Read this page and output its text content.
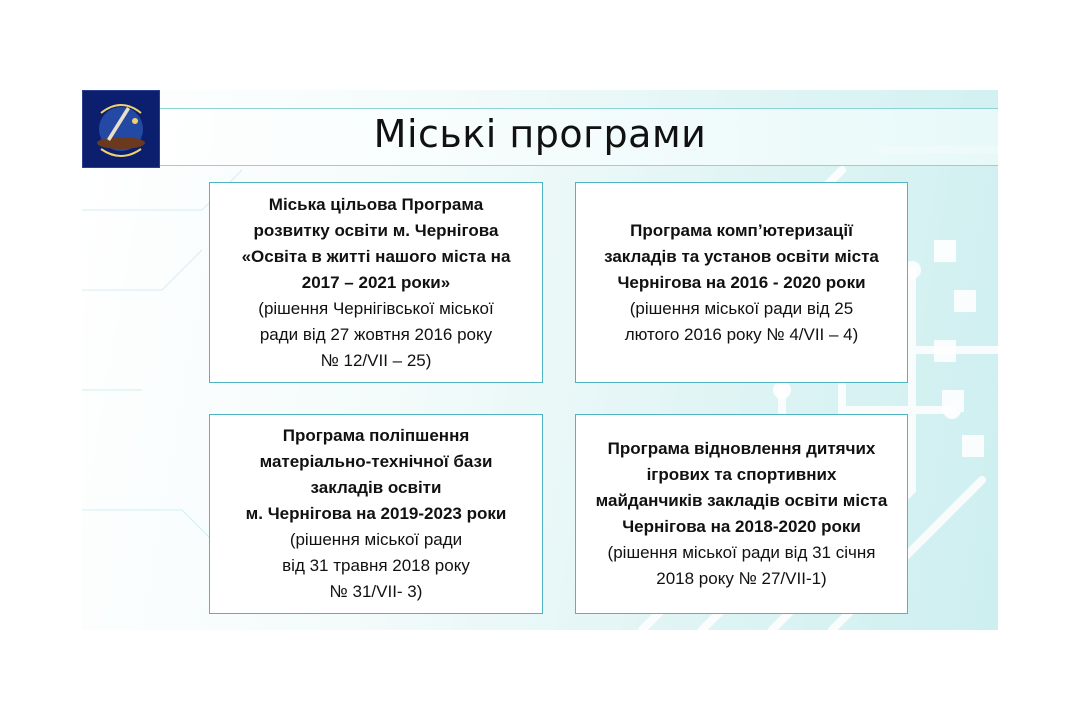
Міські програми
Міська цільова Програма
розвитку освіти м. Чернігова
«Освіта в житті нашого міста на
2017 – 2021 роки»
(рішення Чернігівської міської
ради від 27 жовтня 2016 року
№ 12/VII – 25)
Програма комп’ютеризації
закладів та установ освіти міста
Чернігова на 2016 - 2020 роки
(рішення міської ради від 25
лютого 2016 року № 4/VII – 4)
Програма поліпшення
матеріально-технічної бази
закладів освіти
м. Чернігова на 2019-2023 роки
(рішення міської ради
від 31 травня 2018 року
№ 31/VII- 3)
Програма відновлення дитячих
ігрових та спортивних
майданчиків закладів освіти міста
Чернігова на 2018-2020 роки
(рішення міської ради від 31 січня
2018 року № 27/VII-1)
